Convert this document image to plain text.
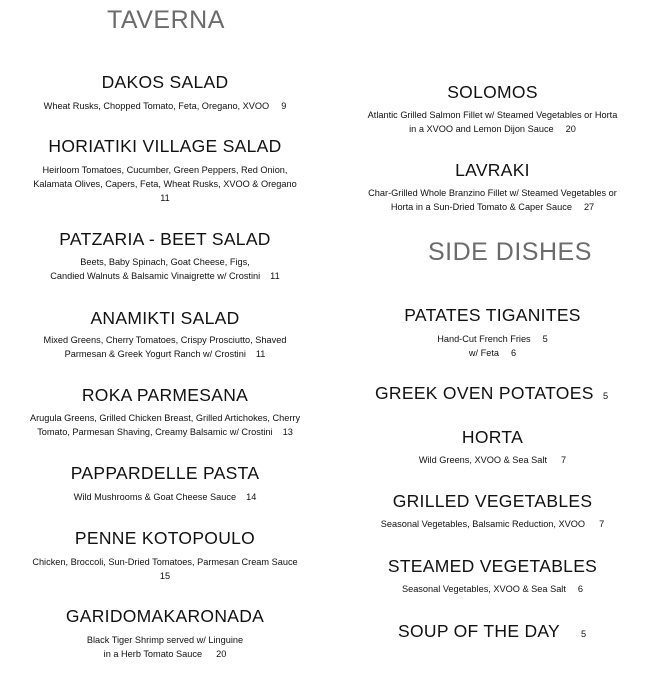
TAVERNA
DAKOS SALAD
Wheat Rusks, Chopped Tomato, Feta, Oregano, XVOO 9
HORIATIKI VILLAGE SALAD
Heirloom Tomatoes, Cucumber, Green Peppers, Red Onion,
Kalamata Olives, Capers, Feta, Wheat Rusks, XVOO & Oregano
11
PATZARIA - BEET SALAD
Beets, Baby Spinach, Goat Cheese, Figs,
Candied Walnuts & Balsamic Vinaigrette w/ Crostini 11
ANAMIKTI SALAD
Mixed Greens, Cherry Tomatoes, Crispy Prosciutto, Shaved
Parmesan & Greek Yogurt Ranch w/ Crostini 11
ROKA PARMESANA
Arugula Greens, Grilled Chicken Breast, Grilled Artichokes, Cherry
Tomato, Parmesan Shaving, Creamy Balsamic w/ Crostini 13
PAPPARDELLE PASTA
Wild Mushrooms & Goat Cheese Sauce 14
PENNE KOTOPOULO
Chicken, Broccoli, Sun-Dried Tomatoes, Parmesan Cream Sauce
15
GARIDOMAKARONADA
Black Tiger Shrimp served w/ Linguine
in a Herb Tomato Sauce 20
SOLOMOS
Atlantic Grilled Salmon Fillet w/ Steamed Vegetables or Horta
in a XVOO and Lemon Dijon Sauce 20
LAVRAKI
Char-Grilled Whole Branzino Fillet w/ Steamed Vegetables or
Horta in a Sun-Dried Tomato & Caper Sauce 27
SIDE DISHES
PATATES TIGANITES
Hand-Cut French Fries 5
w/ Feta 6
GREEK OVEN POTATOES 5
HORTA
Wild Greens, XVOO & Sea Salt 7
GRILLED VEGETABLES
Seasonal Vegetables, Balsamic Reduction, XVOO 7
STEAMED VEGETABLES
Seasonal Vegetables, XVOO & Sea Salt 6
SOUP OF THE DAY 5
